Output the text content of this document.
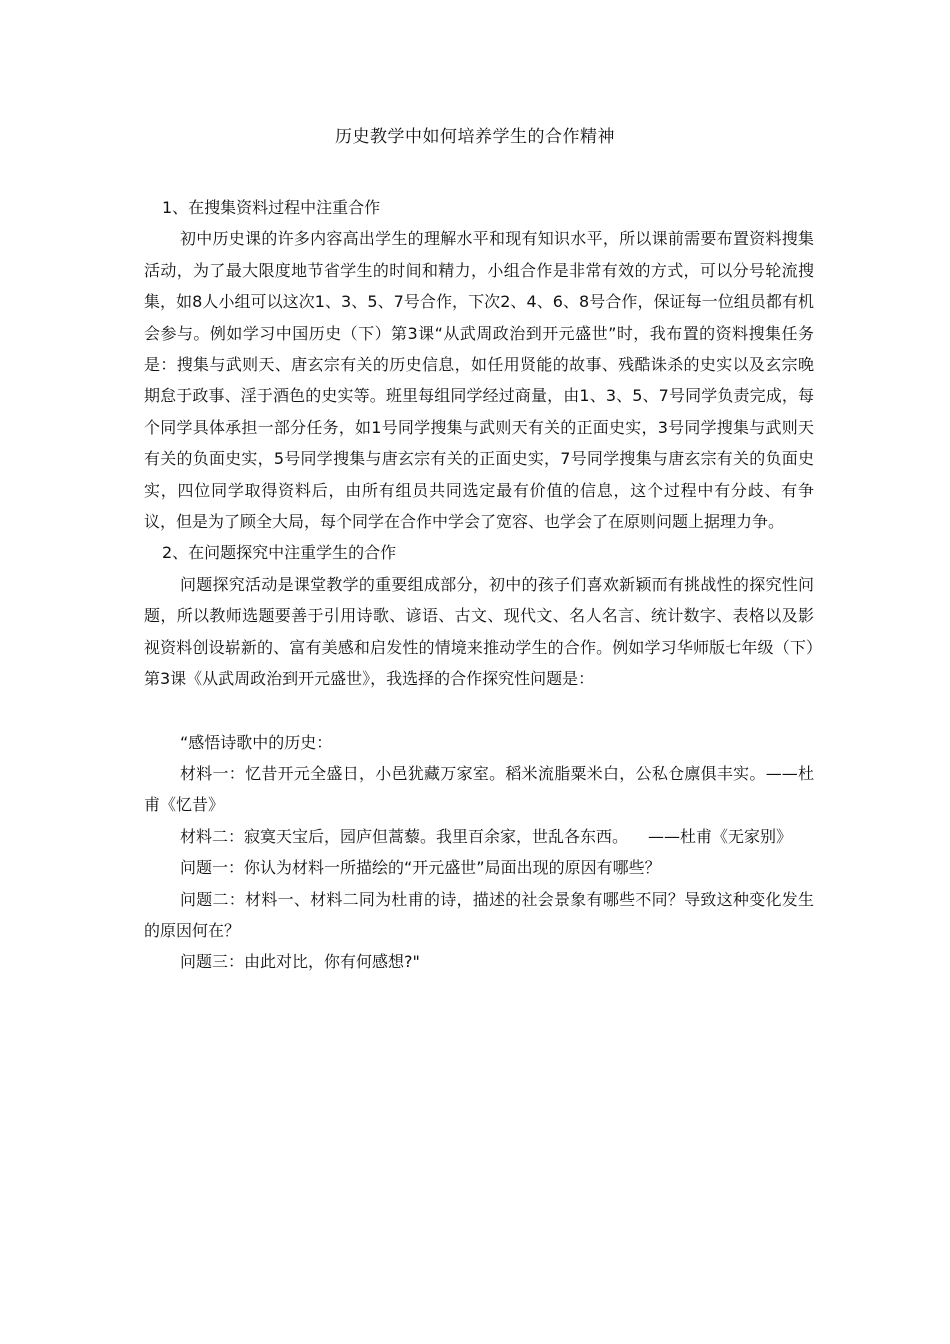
历史教学中如何培养学生的合作精神

1、在搜集资料过程中注重合作

初中历史课的许多内容高出学生的理解水平和现有知识水平，所以课前需要布置资料搜集活动，为了最大限度地节省学生的时间和精力，小组合作是非常有效的方式，可以分号轮流搜集，如8人小组可以这次1、3、5、7号合作，下次2、4、6、8号合作，保证每一位组员都有机会参与。例如学习中国历史（下）第3课“从武周政治到开元盛世”时，我布置的资料搜集任务是：搜集与武则天、唐玄宗有关的历史信息，如任用贤能的故事、残酷诛杀的史实以及玄宗晚期怠于政事、淫于酒色的史实等。班里每组同学经过商量，由1、3、5、7号同学负责完成，每个同学具体承担一部分任务，如1号同学搜集与武则天有关的正面史实，3号同学搜集与武则天有关的负面史实，5号同学搜集与唐玄宗有关的正面史实，7号同学搜集与唐玄宗有关的负面史实，四位同学取得资料后，由所有组员共同选定最有价值的信息，这个过程中有分歧、有争议，但是为了顾全大局，每个同学在合作中学会了宽容、也学会了在原则问题上据理力争。

2、在问题探究中注重学生的合作

问题探究活动是课堂教学的重要组成部分，初中的孩子们喜欢新颖而有挑战性的探究性问题，所以教师选题要善于引用诗歌、谚语、古文、现代文、名人名言、统计数字、表格以及影视资料创设崭新的、富有美感和启发性的情境来推动学生的合作。例如学习华师版七年级（下）第3课《从武周政治到开元盛世》，我选择的合作探究性问题是：

“感悟诗歌中的历史：

材料一：忆昔开元全盛日，小邑犹藏万家室。稻米流脂粟米白，公私仓廪俱丰实。——杜甫《忆昔》

材料二：寂寞天宝后，园庐但蒿藜。我里百余家，世乱各东西。 ——杜甫《无家别》

问题一：你认为材料一所描绘的“开元盛世”局面出现的原因有哪些？

问题二：材料一、材料二同为杜甫的诗，描述的社会景象有哪些不同？导致这种变化发生的原因何在？

问题三：由此对比，你有何感想?"
